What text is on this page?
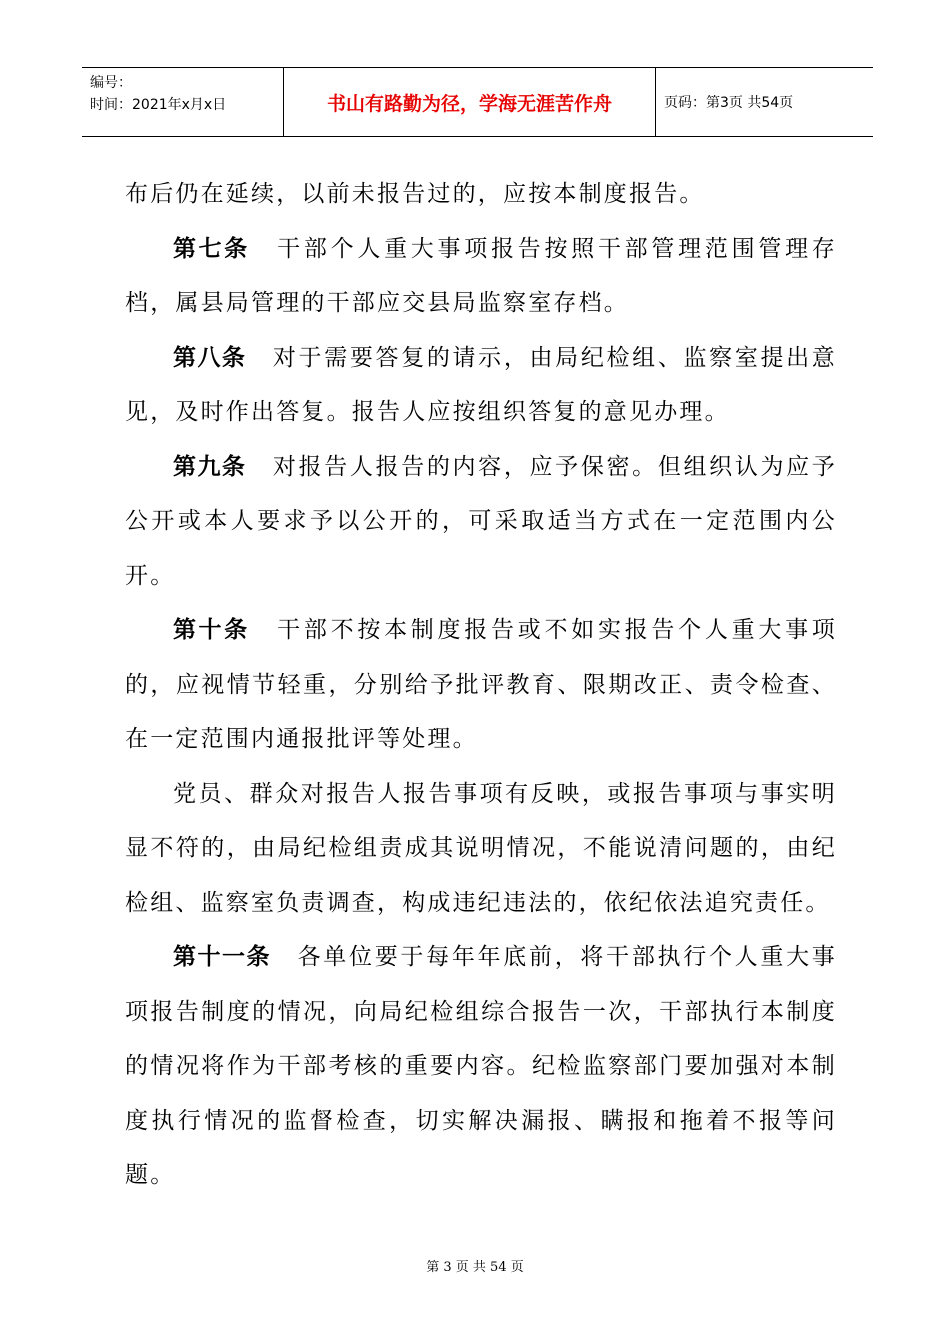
编号：
时间：2021年x月x日	书山有路勤为径，学海无涯苦作舟	页码：第3页 共54页

布后仍在延续，以前未报告过的，应按本制度报告。

第七条 干部个人重大事项报告按照干部管理范围管理存档，属县局管理的干部应交县局监察室存档。

第八条 对于需要答复的请示，由局纪检组、监察室提出意见，及时作出答复。报告人应按组织答复的意见办理。

第九条 对报告人报告的内容，应予保密。但组织认为应予公开或本人要求予以公开的，可采取适当方式在一定范围内公开。

第十条 干部不按本制度报告或不如实报告个人重大事项的，应视情节轻重，分别给予批评教育、限期改正、责令检查、在一定范围内通报批评等处理。

党员、群众对报告人报告事项有反映，或报告事项与事实明显不符的，由局纪检组责成其说明情况，不能说清问题的，由纪检组、监察室负责调查，构成违纪违法的，依纪依法追究责任。

第十一条 各单位要于每年年底前，将干部执行个人重大事项报告制度的情况，向局纪检组综合报告一次，干部执行本制度的情况将作为干部考核的重要内容。纪检监察部门要加强对本制度执行情况的监督检查，切实解决漏报、瞒报和拖着不报等问题。

第 3 页 共 54 页
